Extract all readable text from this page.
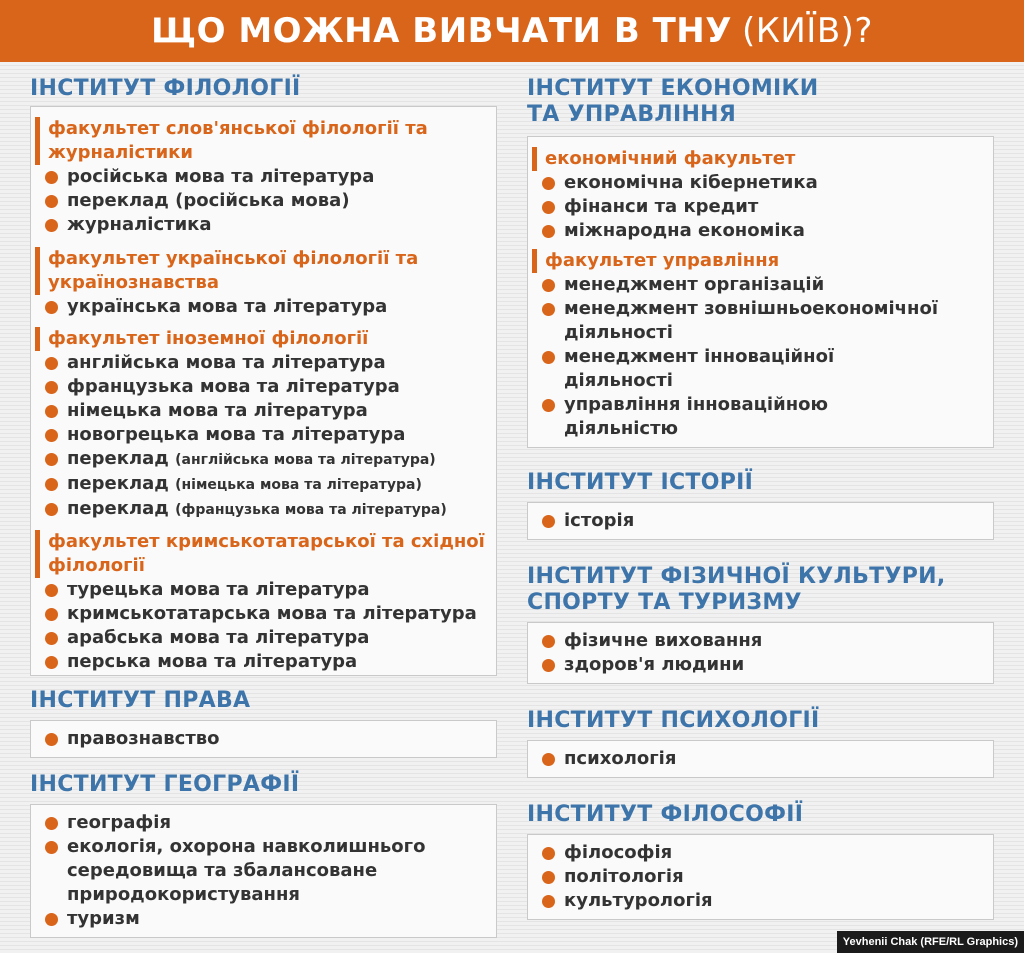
ЩО МОЖНА ВИВЧАТИ В ТНУ (КИЇВ)?
ІНСТИТУТ ФІЛОЛОГІЇ
факультет слов'янської філології та журналістики
російська мова та література
переклад (російська мова)
журналістика
факультет української філології та українознавства
українська мова та література
факультет іноземної філології
англійська мова та література
французька мова та література
німецька мова та література
новогрецька мова та література
переклад (англійська мова та література)
переклад (німецька мова та література)
переклад (французька мова та література)
факультет кримськотатарської та східної філології
турецька мова та література
кримськотатарська мова та література
арабська мова та література
перська мова та література
ІНСТИТУТ ПРАВА
правознавство
ІНСТИТУТ ГЕОГРАФІЇ
географія
екологія, охорона навколишнього середовища та збалансоване природокористування
туризм
ІНСТИТУТ ЕКОНОМІКИ
ТА УПРАВЛІННЯ
економічний факультет
економічна кібернетика
фінанси та кредит
міжнародна економіка
факультет управління
менеджмент організацій
менеджмент зовнішньоекономічної діяльності
менеджмент інноваційної діяльності
управління інноваційною діяльністю
ІНСТИТУТ ІСТОРІЇ
історія
ІНСТИТУТ ФІЗИЧНОЇ КУЛЬТУРИ,
СПОРТУ ТА ТУРИЗМУ
фізичне виховання
здоров'я людини
ІНСТИТУТ ПСИХОЛОГІЇ
психологія
ІНСТИТУТ ФІЛОСОФІЇ
філософія
політологія
культурологія
Yevhenii Chak (RFE/RL Graphics)
